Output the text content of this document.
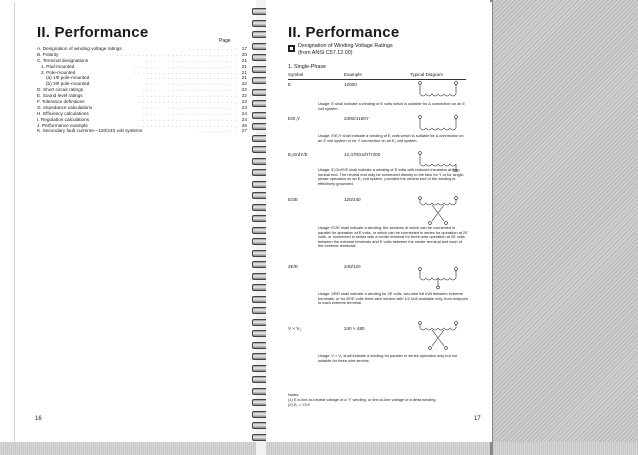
II. Performance	Page
A. Designation of winding voltage ratings	. . . . . . . . . . . . 17
B. Polarity	. . . . . . . . . . . . . . . . . . . . . . . . . . . . . 20
C. Terminal designations	. . . . . . . . . . . . . . . . . . . . . . 21
1. Pad-mounted	. . . . . . . . . . . . . . . . . . . . . . . . . 21
2. Pole-mounted	. . . . . . . . . . . . . . . . . . . . . . . . . 21
(a) 1Φ pole-mounted	. . . . . . . . . . . . . . . . . . . . . . 21
(b) 3Φ pole-mounted	. . . . . . . . . . . . . . . . . . . . . . 22
D. Short circuit ratings	. . . . . . . . . . . . . . . . . . . . . . . 22
E. Sound level ratings	. . . . . . . . . . . . . . . . . . . . . . . . 22
F. Tolerance definitions	. . . . . . . . . . . . . . . . . . . . . . . . 23
G. Impedance calculations	. . . . . . . . . . . . . . . . . . . . . . . 23
H. Efficiency calculations	. . . . . . . . . . . . . . . . . . . . . . . 24
I. Regulation calculations	. . . . . . . . . . . . . . . . . . . . . . . 24
J. Performance example	. . . . . . . . . . . . . . . . . . . . . . . . 26
K. Secondary fault currents—120/240 volt systems	. . . . . . . . . . 27
16
II. Performance
Designation of Winding Voltage Ratings
(from ANSI C57.12.00)
1. Single-Phase
Symbol	Example	Typical Diagram
E	12000
Usage: E shall indicate a winding of E volts which is suitable for Δ connection on an E volt system.
E/E₁Y	2400/4160Y
Usage: E/E₁Y shall indicate a winding of E volts which is suitable for Δ connection on an E volt system or for Y connection on an E₁ volt system.
E₁GrdY/E	12,470GrdY/7200
Usage: E₁GrdY/E shall indicate a winding of E volts with reduced insulation at the neutral end. The neutral end may be connected directly to the tank for Y or for single-phase operation on an E₁ volt system, provided the neutral end of the winding is effectively grounded.
E/2E	120/240
Usage: E/2E shall indicate a winding, the sections of which can be connected in parallel for operation at E volts, or which can be connected in series for operation at 2E volts, or connected in series with a center terminal for three-wire operation at 2E volts between the extreme terminals and E volts between the center terminal and each of the extreme terminals.
2E/E	240/120
Usage: 2E/E shall indicate a winding for 2E volts, two-wire full kVA between extreme terminals, or for 2E/E volts three-wire service with 1/2 kVA available only, from midpoint to each extreme terminal.
V × V₁	240 × 480
Usage: V × V₁ shall indicate a winding for parallel or series operation only but not suitable for three-wire service.
Notes:
(1) E is line-to-neutral voltage of a 'Y' winding, or line-to-line voltage of a delta winding.
(2) E₁ = √3 E
17
